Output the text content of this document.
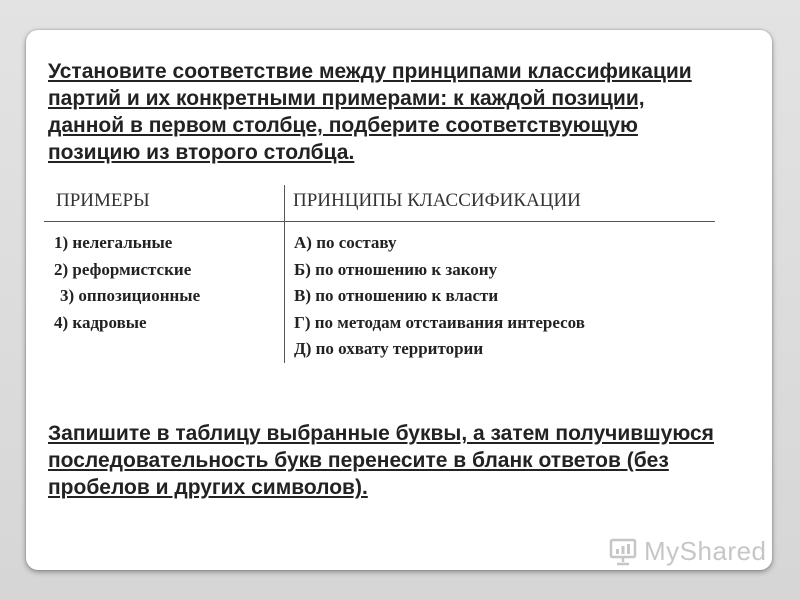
Установите соответствие между принципами классификации
партий и их конкретными примерами: к каждой позиции,
данной в первом столбце, подберите соответствующую
позицию из второго столбца.
ПРИМЕРЫ	ПРИНЦИПЫ КЛАССИФИКАЦИИ
1) нелегальные
2) реформистские
3) оппозиционные
4) кадровые
А) по составу
Б) по отношению к закону
В) по отношению к власти
Г) по методам отстаивания интересов
Д) по охвату территории
Запишите в таблицу выбранные буквы, а затем получившуюся
последовательность букв перенесите в бланк ответов (без
пробелов и других символов).
MyShared
